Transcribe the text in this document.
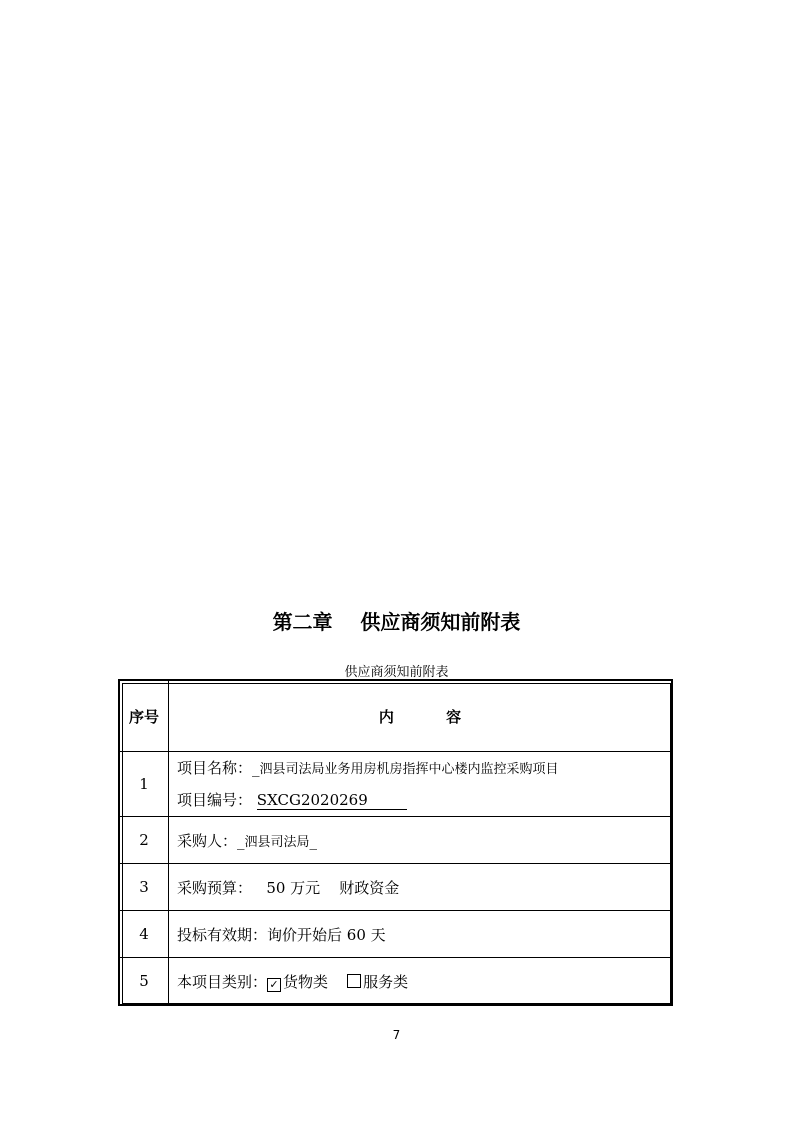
第二章    供应商须知前附表
供应商须知前附表
序号	内          容
1	项目名称：_泗县司法局业务用房机房指挥中心楼内监控采购项目
项目编号： SXCG2020269

2	采购人：_泗县司法局_
3	采购预算： 50 万元    财政资金
4	投标有效期：询价开始后 60 天
5	本项目类别： ✓ 货物类 服务类
7
